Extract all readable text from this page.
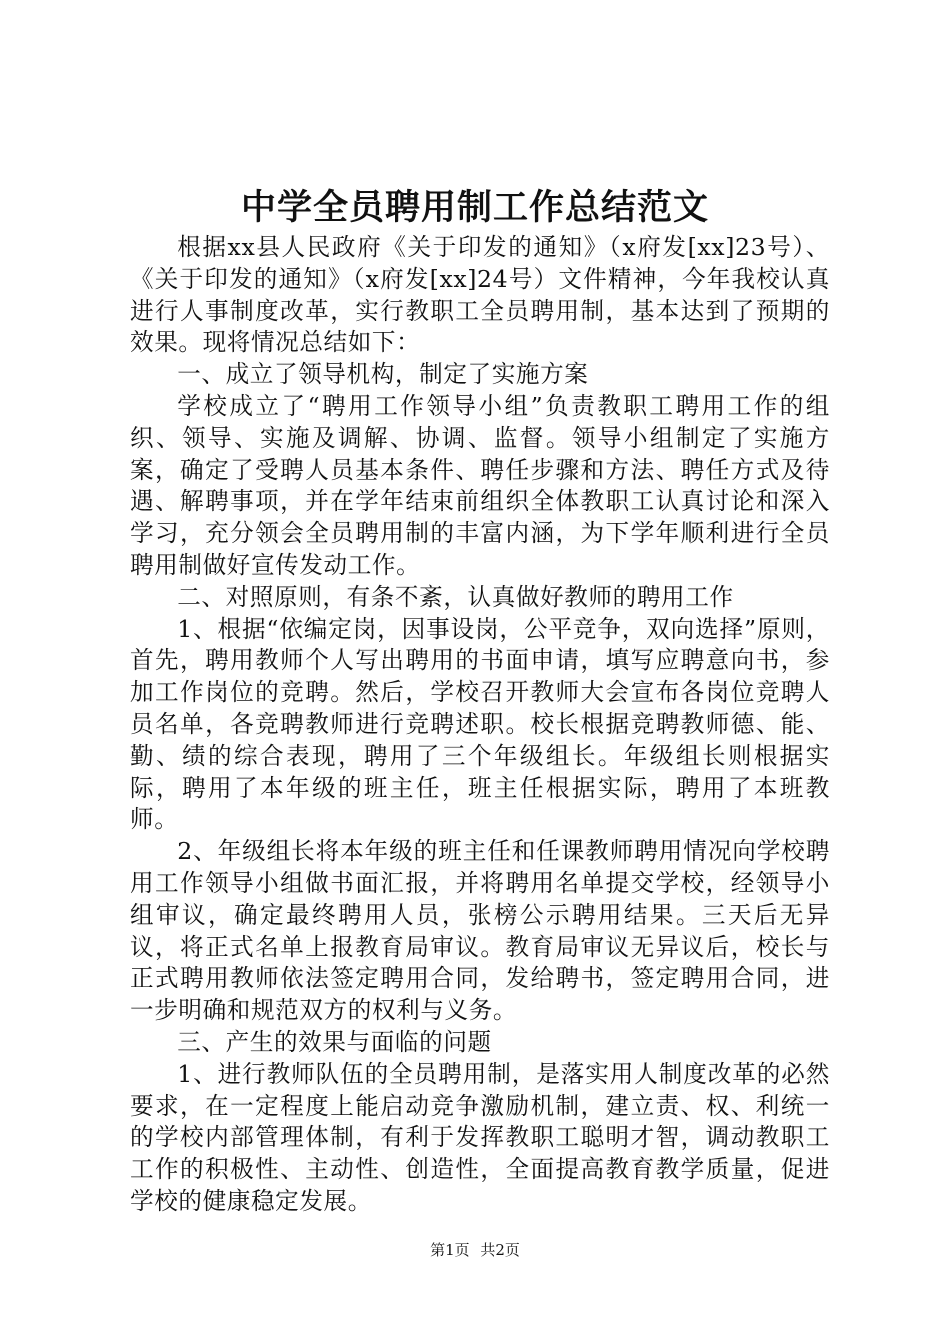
中学全员聘用制工作总结范文

根据xx县人民政府《关于印发的通知》（x府发[xx]23号）、《关于印发的通知》（x府发[xx]24号）文件精神，今年我校认真进行人事制度改革，实行教职工全员聘用制，基本达到了预期的效果。现将情况总结如下：

一、成立了领导机构，制定了实施方案

学校成立了“聘用工作领导小组”负责教职工聘用工作的组织、领导、实施及调解、协调、监督。领导小组制定了实施方案，确定了受聘人员基本条件、聘任步骤和方法、聘任方式及待遇、解聘事项，并在学年结束前组织全体教职工认真讨论和深入学习，充分领会全员聘用制的丰富内涵，为下学年顺利进行全员聘用制做好宣传发动工作。

二、对照原则，有条不紊，认真做好教师的聘用工作

1、根据“依编定岗，因事设岗，公平竞争，双向选择”原则，首先，聘用教师个人写出聘用的书面申请，填写应聘意向书，参加工作岗位的竞聘。然后，学校召开教师大会宣布各岗位竞聘人员名单，各竞聘教师进行竞聘述职。校长根据竞聘教师德、能、勤、绩的综合表现，聘用了三个年级组长。年级组长则根据实际，聘用了本年级的班主任，班主任根据实际，聘用了本班教师。

2、年级组长将本年级的班主任和任课教师聘用情况向学校聘用工作领导小组做书面汇报，并将聘用名单提交学校，经领导小组审议，确定最终聘用人员，张榜公示聘用结果。三天后无异议，将正式名单上报教育局审议。教育局审议无异议后，校长与正式聘用教师依法签定聘用合同，发给聘书，签定聘用合同，进一步明确和规范双方的权利与义务。

三、产生的效果与面临的问题

1、进行教师队伍的全员聘用制，是落实用人制度改革的必然要求，在一定程度上能启动竞争激励机制，建立责、权、利统一的学校内部管理体制，有利于发挥教职工聪明才智，调动教职工工作的积极性、主动性、创造性，全面提高教育教学质量，促进学校的健康稳定发展。

第1页 共2页
